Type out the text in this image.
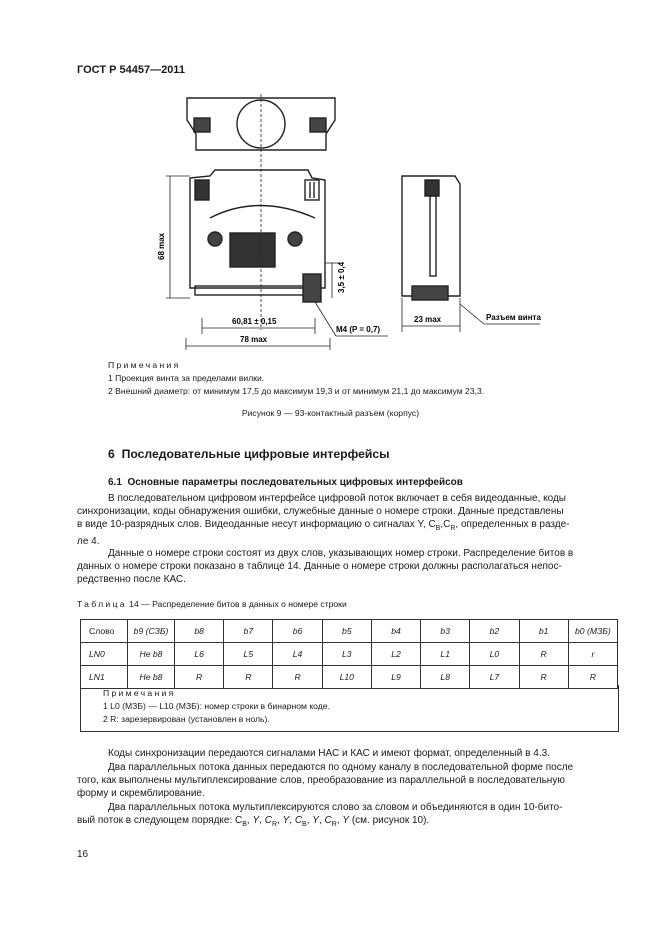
ГОСТ Р 54457—2011
68 max
3,5 ± 0,4
60,81 ± 0,15
78 max
M4 (P = 0,7)
23 max	Разъем винта
Примечания
1 Проекция винта за пределами вилки.
2 Внешний диаметр: от минимум 17,5 до максимум 19,3 и от минимум 21,1 до максимум 23,3.
Рисунок 9 — 93-контактный разъем (корпус)
6 Последовательные цифровые интерфейсы
6.1 Основные параметры последовательных цифровых интерфейсов
В последовательном цифровом интерфейсе цифровой поток включает в себя видеоданные, коды
синхронизации, коды обнаружения ошибки, служебные данные о номере строки. Данные представлены
в виде 10-разрядных слов. Видеоданные несут информацию о сигналах Y, $C_B,C_R$, определенных в разде-
ле 4.
Данные о номере строки состоят из двух слов, указывающих номер строки. Распределение битов в
данных о номере строки показано в таблице 14. Данные о номере строки должны располагаться непос-
редственно после КАС.
Таблица 14 — Распределение битов в данных о номере строки
Слово	b9 (СЗБ)	b8	b7	b6	b5	b4	b3	b2	b1	b0 (МЗБ)
LN0	Не b8	L6	L5	L4	L3	L2	L1	L0	R	r
LN1	Не b8	R	R	R	L10	L9	L8	L7	R	R
Примечания
1 L0 (МЗБ) — L10 (МЗБ): номер строки в бинарном коде.
2 R: зарезервирован (установлен в ноль).
Коды синхронизации передаются сигналами НАС и КАС и имеют формат, определенный в 4.3.
Два параллельных потока данных передаются по одному каналу в последовательной форме после
того, как выполнены мультиплексирование слов, преобразование из параллельной в последовательную
форму и скремблирование.
Два параллельных потока мультиплексируются слово за словом и объединяются в один 10-бито-
вый поток в следующем порядке: $C_B$, Y, $C_R$, Y, $C_B$, Y, $C_R$, Y (см. рисунок 10).
16
